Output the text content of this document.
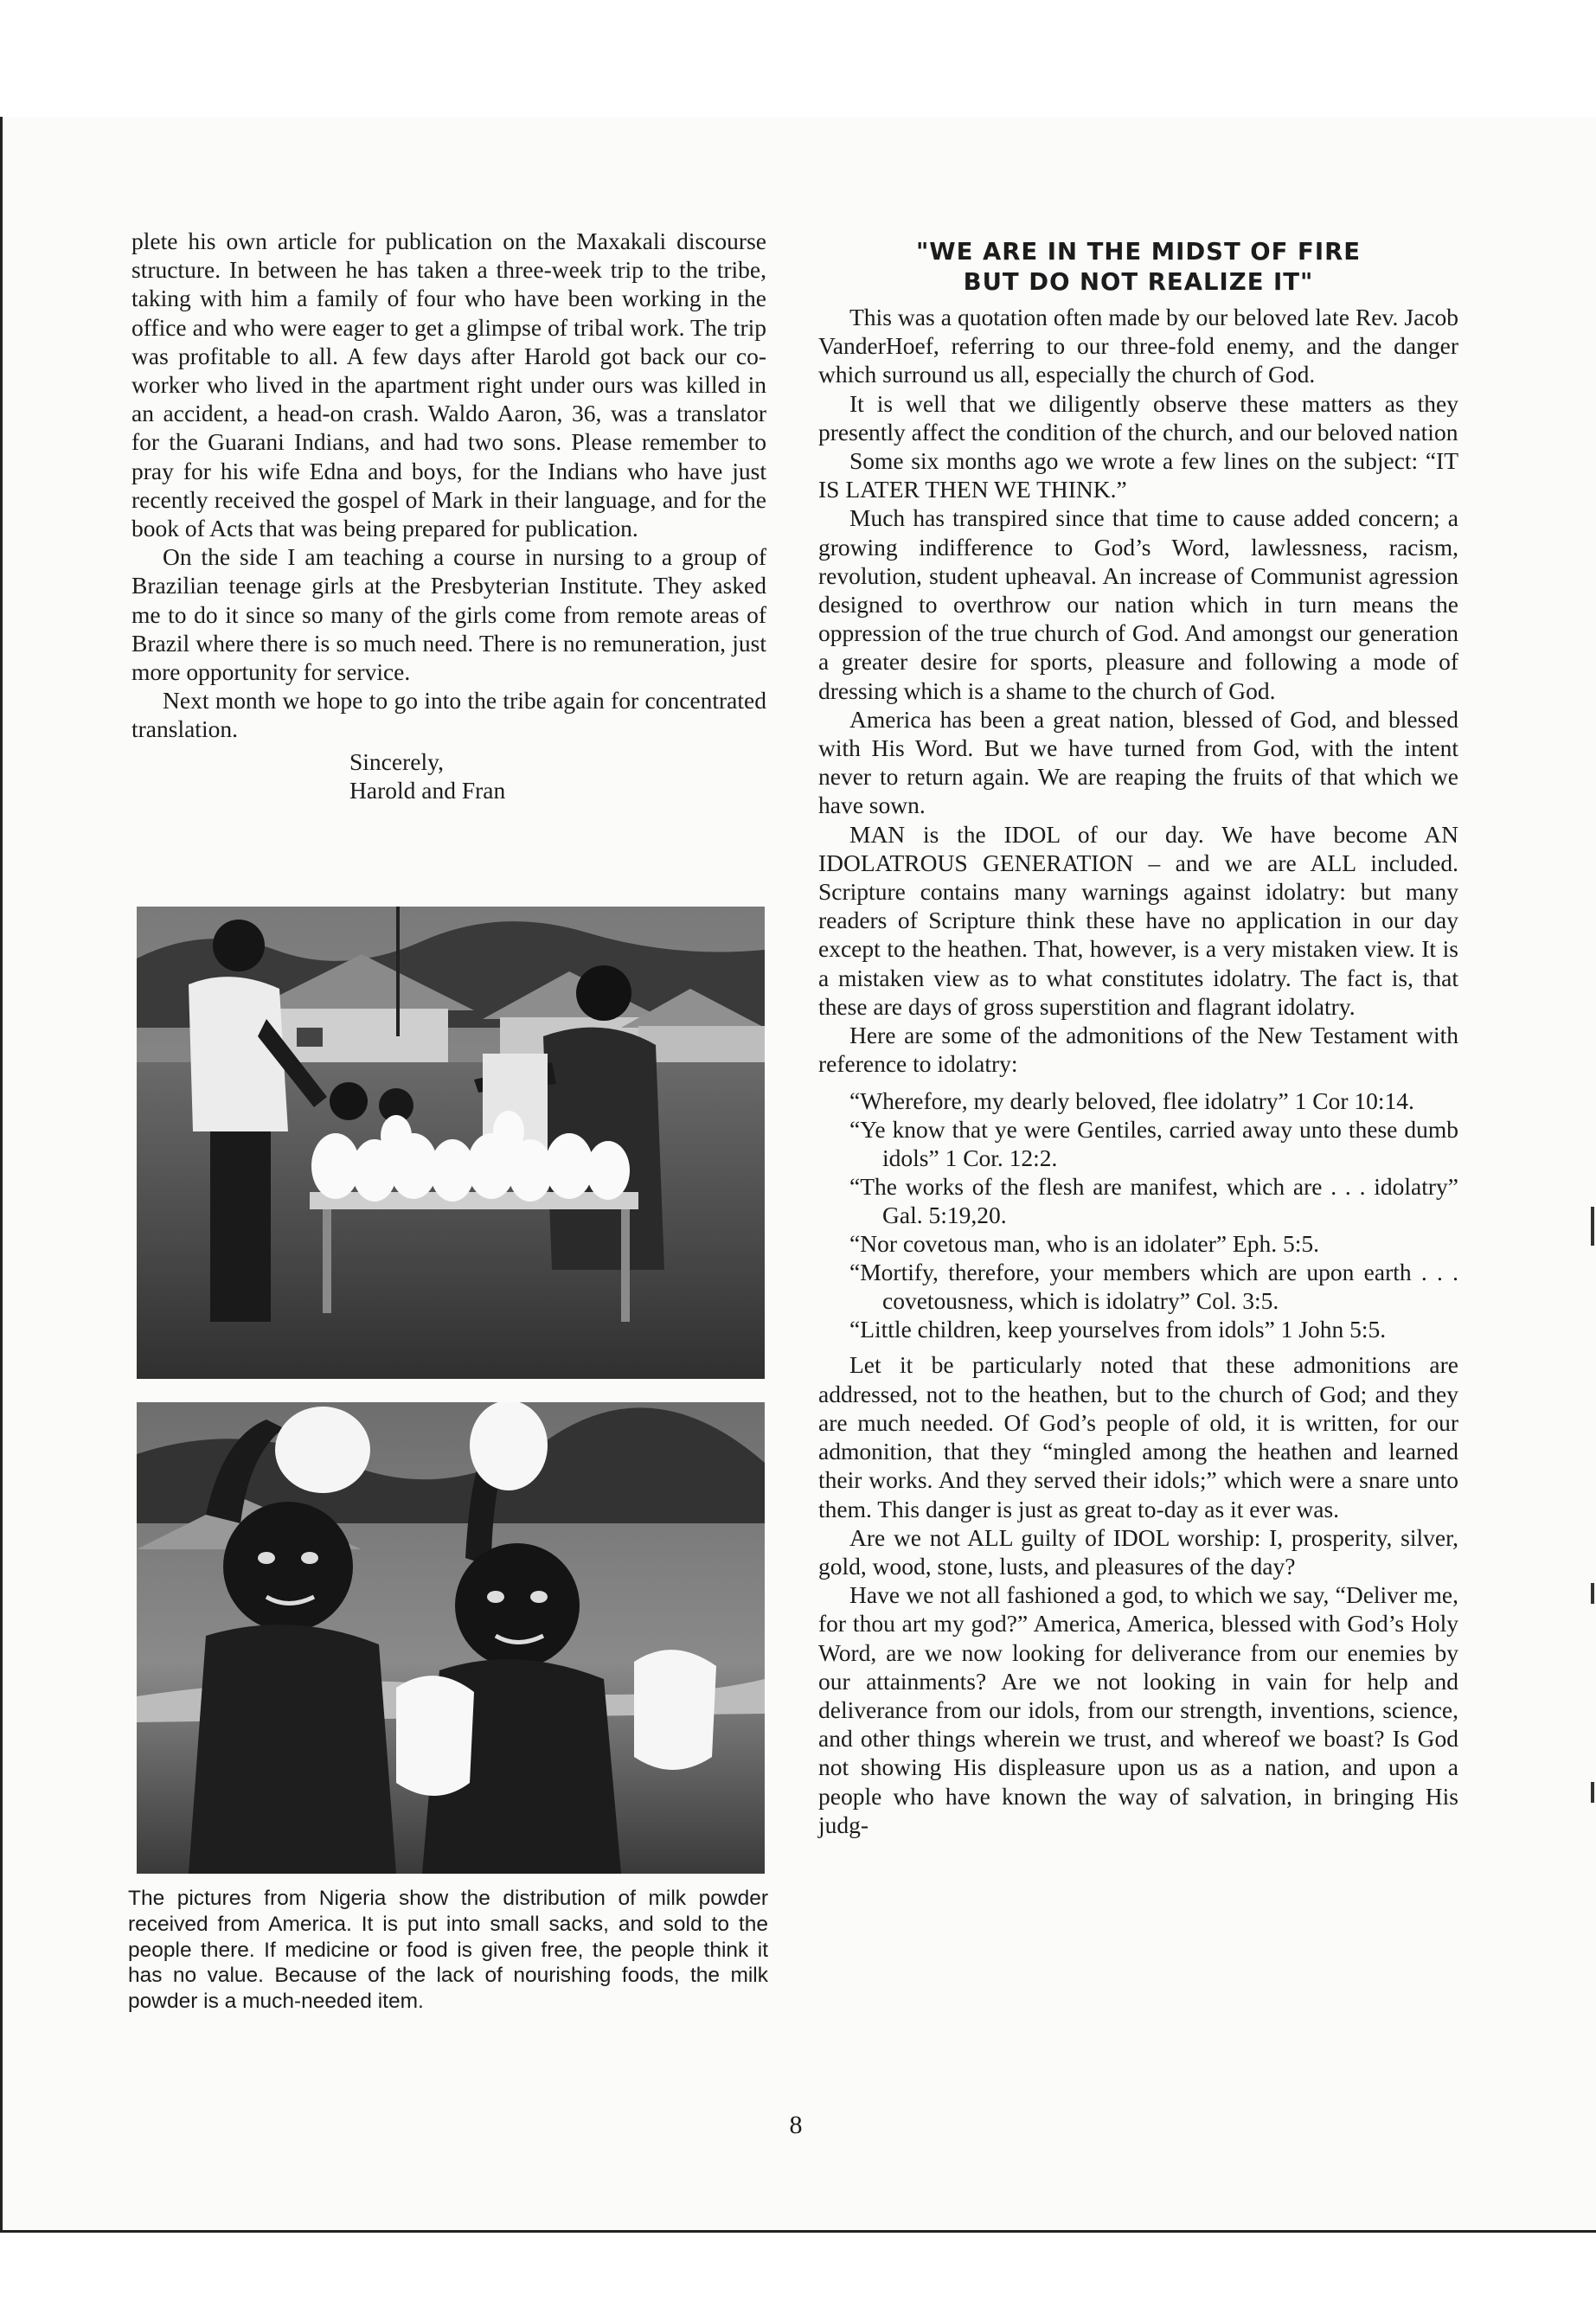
plete his own article for publication on the Maxakali discourse structure. In between he has taken a three-week trip to the tribe, taking with him a family of four who have been working in the office and who were eager to get a glimpse of tribal work. The trip was profitable to all. A few days after Harold got back our co-worker who lived in the apartment right under ours was killed in an accident, a head-on crash. Waldo Aaron, 36, was a translator for the Guarani Indians, and had two sons. Please remember to pray for his wife Edna and boys, for the Indians who have just recently received the gospel of Mark in their language, and for the book of Acts that was being prepared for publication.

On the side I am teaching a course in nursing to a group of Brazilian teenage girls at the Presbyterian Institute. They asked me to do it since so many of the girls come from remote areas of Brazil where there is so much need. There is no remuneration, just more opportunity for service.

Next month we hope to go into the tribe again for concentrated translation.

Sincerely,
Harold and Fran

The pictures from Nigeria show the distribution of milk powder received from America. It is put into small sacks, and sold to the people there. If medicine or food is given free, the people think it has no value. Because of the lack of nourishing foods, the milk powder is a much-needed item.

"WE ARE IN THE MIDST OF FIRE
BUT DO NOT REALIZE IT"

This was a quotation often made by our beloved late Rev. Jacob VanderHoef, referring to our three-fold enemy, and the danger which surround us all, especially the church of God.

It is well that we diligently observe these matters as they presently affect the condition of the church, and our beloved nation

Some six months ago we wrote a few lines on the subject: “IT IS LATER THEN WE THINK.”

Much has transpired since that time to cause added concern; a growing indifference to God’s Word, lawlessness, racism, revolution, student upheaval. An increase of Communist agression designed to overthrow our nation which in turn means the oppression of the true church of God. And amongst our generation a greater desire for sports, pleasure and following a mode of dressing which is a shame to the church of God.

America has been a great nation, blessed of God, and blessed with His Word. But we have turned from God, with the intent never to return again. We are reaping the fruits of that which we have sown.

MAN is the IDOL of our day. We have become AN IDOLATROUS GENERATION – and we are ALL included. Scripture contains many warnings against idolatry: but many readers of Scripture think these have no application in our day except to the heathen. That, however, is a very mistaken view. It is a mistaken view as to what constitutes idolatry. The fact is, that these are days of gross superstition and flagrant idolatry.

Here are some of the admonitions of the New Testament with reference to idolatry:

“Wherefore, my dearly beloved, flee idolatry” 1 Cor 10:14.

“Ye know that ye were Gentiles, carried away unto these dumb idols” 1 Cor. 12:2.

“The works of the flesh are manifest, which are . . . idolatry” Gal. 5:19,20.

“Nor covetous man, who is an idolater” Eph. 5:5.

“Mortify, therefore, your members which are upon earth . . . covetousness, which is idolatry” Col. 3:5.

“Little children, keep yourselves from idols” 1 John 5:5.

Let it be particularly noted that these admonitions are addressed, not to the heathen, but to the church of God; and they are much needed. Of God’s people of old, it is written, for our admonition, that they “mingled among the heathen and learned their works. And they served their idols;” which were a snare unto them. This danger is just as great to-day as it ever was.

Are we not ALL guilty of IDOL worship: I, prosperity, silver, gold, wood, stone, lusts, and pleasures of the day?

Have we not all fashioned a god, to which we say, “Deliver me, for thou art my god?” America, America, blessed with God’s Holy Word, are we now looking for deliverance from our enemies by our attainments? Are we not looking in vain for help and deliverance from our idols, from our strength, inventions, science, and other things wherein we trust, and whereof we boast? Is God not showing His displeasure upon us as a nation, and upon a people who have known the way of salvation, in bringing His judg-

8
